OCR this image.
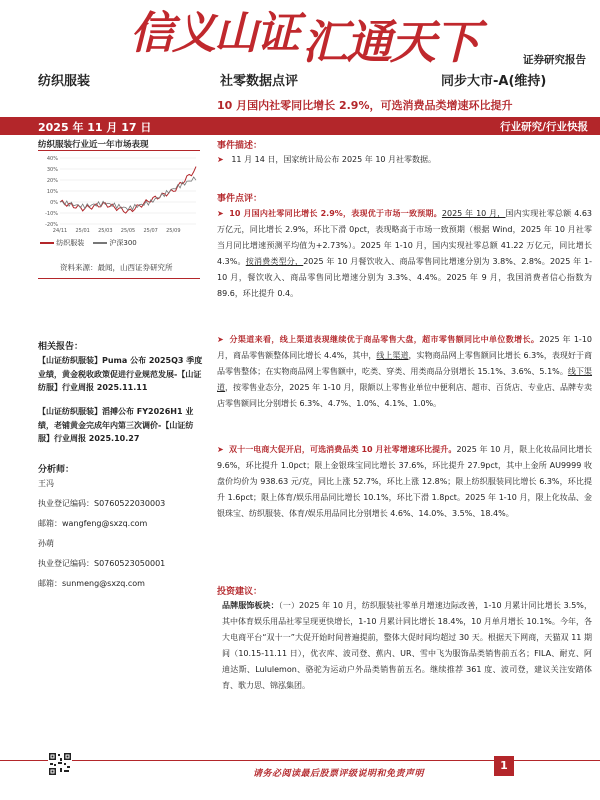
信义山证汇通天下	证券研究报告
纺织服装	社零数据点评	同步大市-A(维持)
10 月国内社零同比增长 2.9%，可选消费品类增速环比提升
2025 年 11 月 17 日	行业研究/行业快报
纺织服装行业近一年市场表现
40%
30%
20%
10%
0%
-10%
-20%
24/11 25/01 25/03 25/05 25/07 25/09
纺织服装	沪深300
资料来源：最闻，山西证券研究所
相关报告：
【山证纺织服装】Puma 公布 2025Q3 季度业绩，黄金税收政策促进行业规范发展-【山证纺服】行业周报 2025.11.11
【山证纺织服装】滔搏公布 FY2026H1 业绩，老铺黄金完成年内第三次调价-【山证纺服】行业周报 2025.10.27
分析师：
王冯
执业登记编码：S0760522030003
邮箱：wangfeng@sxzq.com
孙萌
执业登记编码：S0760523050001
邮箱：sunmeng@sxzq.com
事件描述：
➤ 11 月 14 日，国家统计局公布 2025 年 10 月社零数据。
事件点评：
➤ 10 月国内社零同比增长 2.9%，表现优于市场一致预期。2025 年 10 月，国内实现社零总额 4.63 万亿元，同比增长 2.9%，环比下滑 0pct，表现略高于市场一致预期（根据 Wind，2025 年 10 月社零当月同比增速预测平均值为+2.73%）。2025 年 1-10 月，国内实现社零总额 41.22 万亿元，同比增长 4.3%。按消费类型分，2025 年 10 月餐饮收入、商品零售同比增速分别为 3.8%、2.8%。2025 年 1-10 月，餐饮收入、商品零售同比增速分别为 3.3%、4.4%。2025 年 9 月，我国消费者信心指数为 89.6，环比提升 0.4。
➤ 分渠道来看，线上渠道表现继续优于商品零售大盘，超市零售额同比中单位数增长。2025 年 1-10 月，商品零售额整体同比增长 4.4%，其中，线上渠道，实物商品网上零售额同比增长 6.3%，表现好于商品零售整体；在实物商品网上零售额中，吃类、穿类、用类商品分别增长 15.1%、3.6%、5.1%。线下渠道，按零售业态分，2025 年 1-10 月，限额以上零售业单位中便利店、超市、百货店、专业店、品牌专卖店零售额同比分别增长 6.3%、4.7%、1.0%、4.1%、1.0%。
➤ 双十一电商大促开启，可选消费品类 10 月社零增速环比提升。2025 年 10 月，限上化妆品同比增长 9.6%，环比提升 1.0pct；限上金银珠宝同比增长 37.6%，环比提升 27.9pct，其中上金所 AU9999 收盘价均价为 938.63 元/克，同比上涨 52.7%，环比上涨 12.8%；限上纺织服装同比增长 6.3%，环比提升 1.6pct；限上体育/娱乐用品同比增长 10.1%，环比下滑 1.8pct。2025 年 1-10 月，限上化妆品、金银珠宝、纺织服装、体育/娱乐用品同比分别增长 4.6%、14.0%、3.5%、18.4%。
投资建议：
品牌服饰板块：（一）2025 年 10 月，纺织服装社零单月增速边际改善，1-10 月累计同比增长 3.5%，其中体育娱乐用品社零呈现更快增长，1-10 月累计同比增长 18.4%，10 月单月增长 10.1%。今年，各大电商平台“双十一”大促开始时间普遍提前，整体大促时间均超过 30 天。根据天下网商，天猫双 11 期间（10.15-11.11 日），优衣库、波司登、蕉内、UR、雪中飞为服饰品类销售前五名；FILA、耐克、阿迪达斯、Lululemon、骆驼为运动户外品类销售前五名。继续推荐 361 度、波司登，建议关注安踏体育、歌力思、锦泓集团。
请务必阅读最后股票评级说明和免责声明
1
